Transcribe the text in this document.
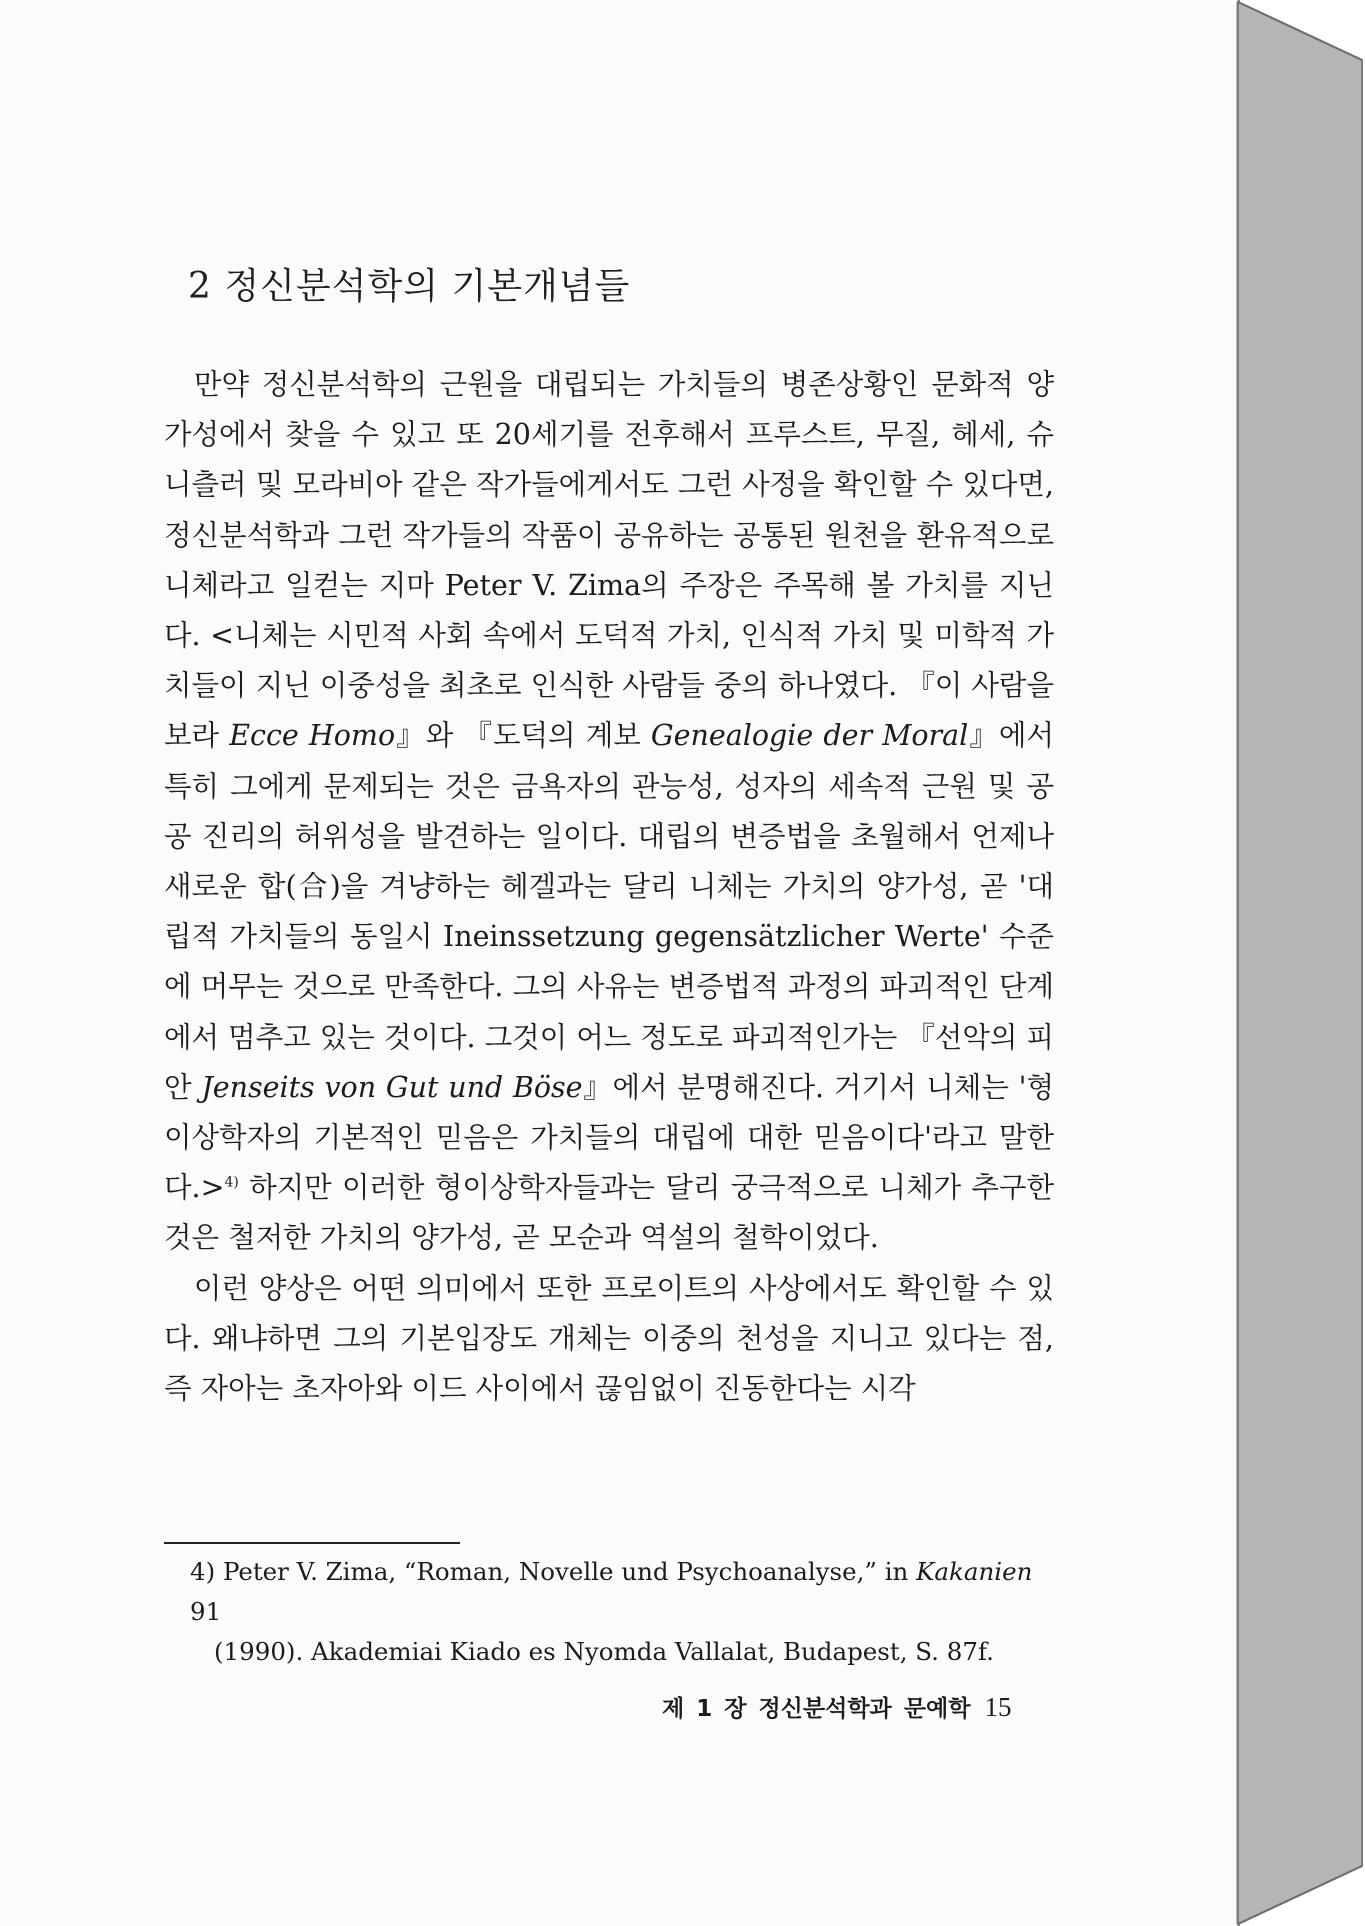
2 정신분석학의 기본개념들

만약 정신분석학의 근원을 대립되는 가치들의 병존상황인 문화적 양가성에서 찾을 수 있고 또 20세기를 전후해서 프루스트, 무질, 헤세, 슈니츨러 및 모라비아 같은 작가들에게서도 그런 사정을 확인할 수 있다면, 정신분석학과 그런 작가들의 작품이 공유하는 공통된 원천을 환유적으로 니체라고 일컫는 지마 Peter V. Zima의 주장은 주목해 볼 가치를 지닌다. <니체는 시민적 사회 속에서 도덕적 가치, 인식적 가치 및 미학적 가치들이 지닌 이중성을 최초로 인식한 사람들 중의 하나였다. 『이 사람을 보라 Ecce Homo』와 『도덕의 계보 Genealogie der Moral』에서 특히 그에게 문제되는 것은 금욕자의 관능성, 성자의 세속적 근원 및 공공 진리의 허위성을 발견하는 일이다. 대립의 변증법을 초월해서 언제나 새로운 합(合)을 겨냥하는 헤겔과는 달리 니체는 가치의 양가성, 곧 '대립적 가치들의 동일시 Ineinssetzung gegensätzlicher Werte' 수준에 머무는 것으로 만족한다. 그의 사유는 변증법적 과정의 파괴적인 단계에서 멈추고 있는 것이다. 그것이 어느 정도로 파괴적인가는 『선악의 피안 Jenseits von Gut und Böse』에서 분명해진다. 거기서 니체는 '형이상학자의 기본적인 믿음은 가치들의 대립에 대한 믿음이다'라고 말한다.>$^{4)}$ 하지만 이러한 형이상학자들과는 달리 궁극적으로 니체가 추구한 것은 철저한 가치의 양가성, 곧 모순과 역설의 철학이었다.

이런 양상은 어떤 의미에서 또한 프로이트의 사상에서도 확인할 수 있다. 왜냐하면 그의 기본입장도 개체는 이중의 천성을 지니고 있다는 점, 즉 자아는 초자아와 이드 사이에서 끊임없이 진동한다는 시각

4) Peter V. Zima, “Roman, Novelle und Psychoanalyse,” in Kakanien 91
(1990). Akademiai Kiado es Nyomda Vallalat, Budapest, S. 87f.
제 1 장 정신분석학과 문예학 15
